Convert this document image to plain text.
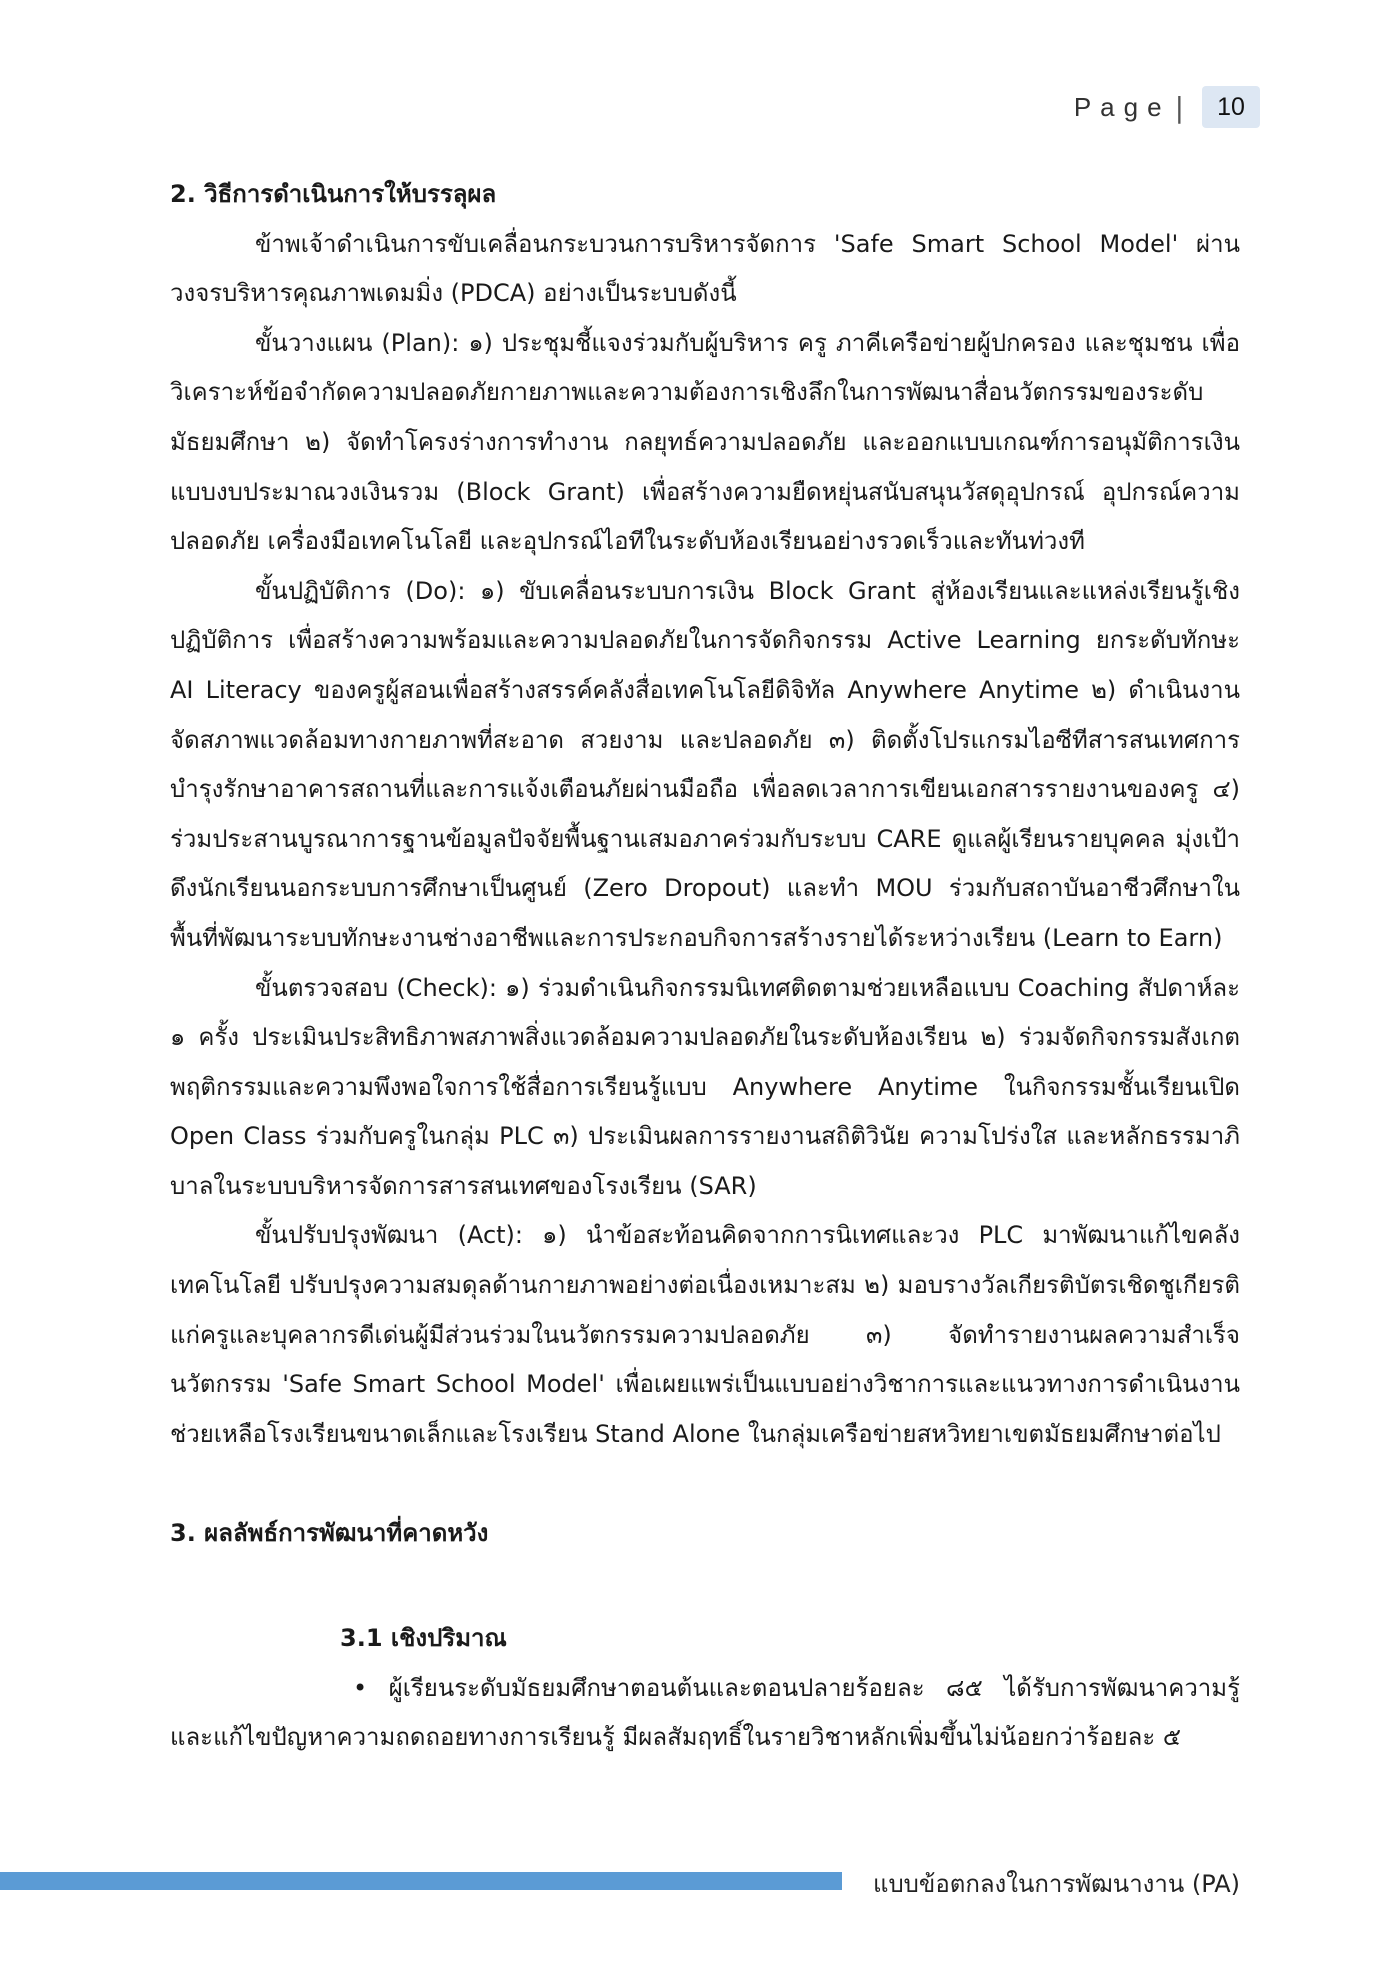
Page |	10

2. วิธีการดำเนินการให้บรรลุผล

ข้าพเจ้าดำเนินการขับเคลื่อนกระบวนการบริหารจัดการ 'Safe Smart School Model' ผ่านวงจรบริหารคุณภาพเดมมิ่ง (PDCA) อย่างเป็นระบบดังนี้

ขั้นวางแผน (Plan): ๑) ประชุมชี้แจงร่วมกับผู้บริหาร ครู ภาคีเครือข่ายผู้ปกครอง และชุมชน เพื่อวิเคราะห์ข้อจำกัดความปลอดภัยกายภาพและความต้องการเชิงลึกในการพัฒนาสื่อนวัตกรรมของระดับมัธยมศึกษา ๒) จัดทำโครงร่างการทำงาน กลยุทธ์ความปลอดภัย และออกแบบเกณฑ์การอนุมัติการเงินแบบงบประมาณวงเงินรวม (Block Grant) เพื่อสร้างความยืดหยุ่นสนับสนุนวัสดุอุปกรณ์ อุปกรณ์ความปลอดภัย เครื่องมือเทคโนโลยี และอุปกรณ์ไอทีในระดับห้องเรียนอย่างรวดเร็วและทันท่วงที

ขั้นปฏิบัติการ (Do): ๑) ขับเคลื่อนระบบการเงิน Block Grant สู่ห้องเรียนและแหล่งเรียนรู้เชิงปฏิบัติการ เพื่อสร้างความพร้อมและความปลอดภัยในการจัดกิจกรรม Active Learning ยกระดับทักษะ AI Literacy ของครูผู้สอนเพื่อสร้างสรรค์คลังสื่อเทคโนโลยีดิจิทัล Anywhere Anytime ๒) ดำเนินงานจัดสภาพแวดล้อมทางกายภาพที่สะอาด สวยงาม และปลอดภัย ๓) ติดตั้งโปรแกรมไอซีทีสารสนเทศการบำรุงรักษาอาคารสถานที่และการแจ้งเตือนภัยผ่านมือถือ เพื่อลดเวลาการเขียนเอกสารรายงานของครู ๔) ร่วมประสานบูรณาการฐานข้อมูลปัจจัยพื้นฐานเสมอภาคร่วมกับระบบ CARE ดูแลผู้เรียนรายบุคคล มุ่งเป้าดึงนักเรียนนอกระบบการศึกษาเป็นศูนย์ (Zero Dropout) และทำ MOU ร่วมกับสถาบันอาชีวศึกษาในพื้นที่พัฒนาระบบทักษะงานช่างอาชีพและการประกอบกิจการสร้างรายได้ระหว่างเรียน (Learn to Earn)

ขั้นตรวจสอบ (Check): ๑) ร่วมดำเนินกิจกรรมนิเทศติดตามช่วยเหลือแบบ Coaching สัปดาห์ละ ๑ ครั้ง ประเมินประสิทธิภาพสภาพสิ่งแวดล้อมความปลอดภัยในระดับห้องเรียน ๒) ร่วมจัดกิจกรรมสังเกตพฤติกรรมและความพึงพอใจการใช้สื่อการเรียนรู้แบบ Anywhere Anytime ในกิจกรรมชั้นเรียนเปิด Open Class ร่วมกับครูในกลุ่ม PLC ๓) ประเมินผลการรายงานสถิติวินัย ความโปร่งใส และหลักธรรมาภิบาลในระบบบริหารจัดการสารสนเทศของโรงเรียน (SAR)

ขั้นปรับปรุงพัฒนา (Act): ๑) นำข้อสะท้อนคิดจากการนิเทศและวง PLC มาพัฒนาแก้ไขคลังเทคโนโลยี ปรับปรุงความสมดุลด้านกายภาพอย่างต่อเนื่องเหมาะสม ๒) มอบรางวัลเกียรติบัตรเชิดชูเกียรติแก่ครูและบุคลากรดีเด่นผู้มีส่วนร่วมในนวัตกรรมความปลอดภัย ๓) จัดทำรายงานผลความสำเร็จนวัตกรรม 'Safe Smart School Model' เพื่อเผยแพร่เป็นแบบอย่างวิชาการและแนวทางการดำเนินงานช่วยเหลือโรงเรียนขนาดเล็กและโรงเรียน Stand Alone ในกลุ่มเครือข่ายสหวิทยาเขตมัธยมศึกษาต่อไป

3. ผลลัพธ์การพัฒนาที่คาดหวัง

3.1 เชิงปริมาณ

• ผู้เรียนระดับมัธยมศึกษาตอนต้นและตอนปลายร้อยละ ๘๕ ได้รับการพัฒนาความรู้และแก้ไขปัญหาความถดถอยทางการเรียนรู้ มีผลสัมฤทธิ์ในรายวิชาหลักเพิ่มขึ้นไม่น้อยกว่าร้อยละ ๕

แบบข้อตกลงในการพัฒนางาน (PA)
